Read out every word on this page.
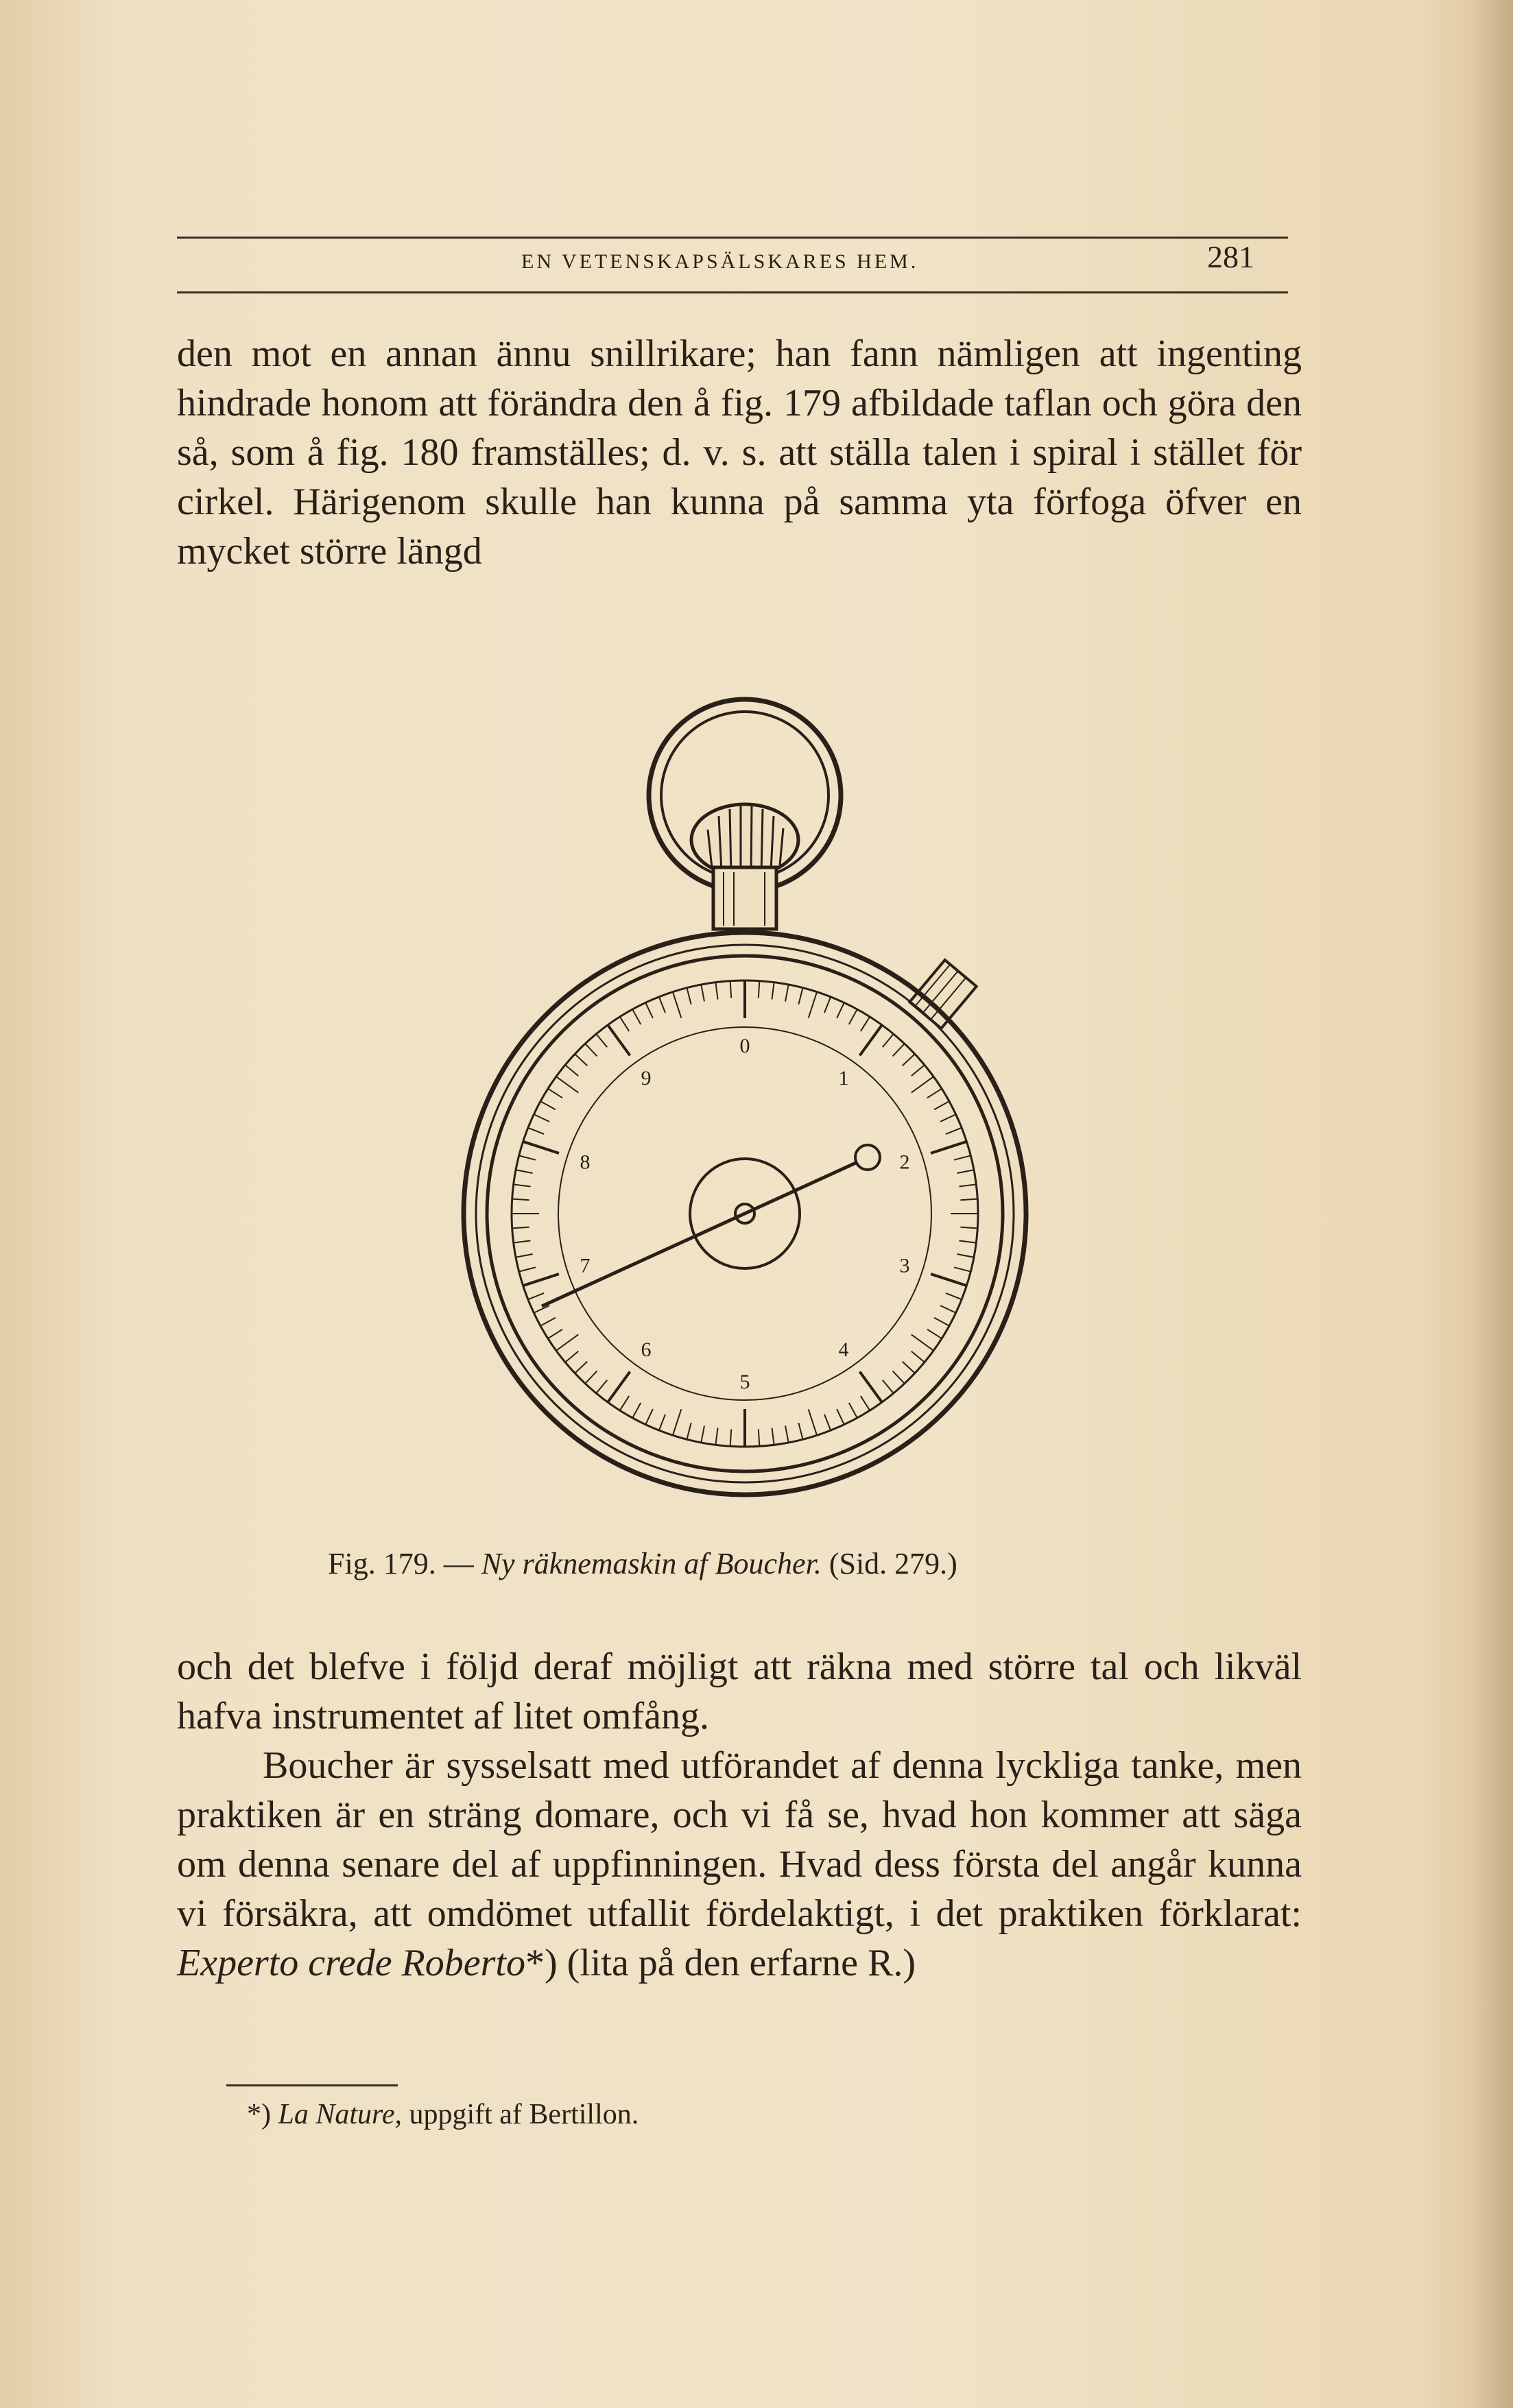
EN VETENSKAPSÄLSKARES HEM.	281

den mot en annan ännu snillrikare; han fann nämligen att ingenting hindrade honom att förändra den å fig. 179 afbildade taflan och göra den så, som å fig. 180 framställes; d. v. s. att ställa talen i spiral i stället för cirkel. Härigenom skulle han kunna på samma yta förfoga öfver en mycket större längd

0
1
2
3
4
5
6
7
8
9
Fig. 179. — Ny räknemaskin af Boucher. (Sid. 279.)

och det blefve i följd deraf möjligt att räkna med större tal och likväl hafva instrumentet af litet omfång.

Boucher är sysselsatt med utförandet af denna lyckliga tanke, men praktiken är en sträng domare, och vi få se, hvad hon kommer att säga om denna senare del af uppfinningen. Hvad dess första del angår kunna vi försäkra, att omdömet utfallit fördelaktigt, i det praktiken förklarat: Experto crede Roberto*) (lita på den erfarne R.)

*) La Nature, uppgift af Bertillon.
